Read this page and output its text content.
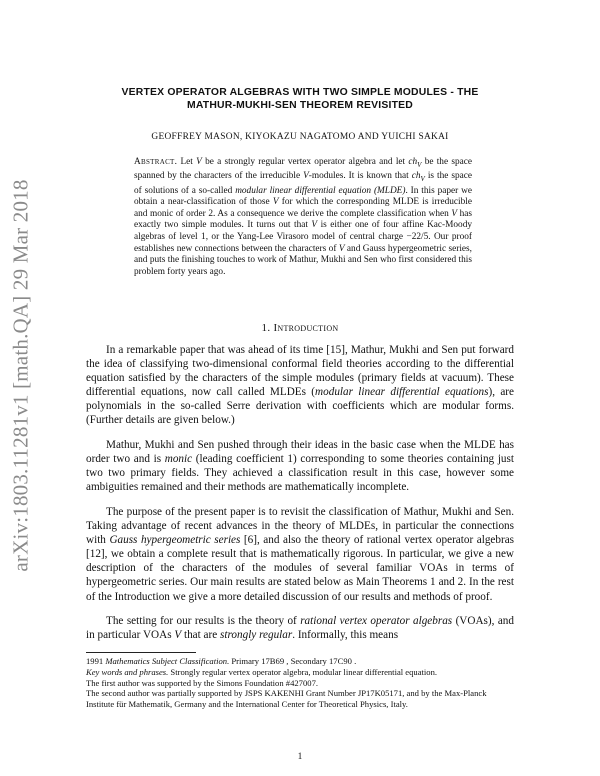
arXiv:1803.11281v1 [math.QA] 29 Mar 2018
VERTEX OPERATOR ALGEBRAS WITH TWO SIMPLE MODULES - THE
MATHUR-MUKHI-SEN THEOREM REVISITED
GEOFFREY MASON, KIYOKAZU NAGATOMO AND YUICHI SAKAI
Abstract. Let V be a strongly regular vertex operator algebra and let $ch_V$ be the space spanned by the characters of the irreducible V-modules. It is known that $ch_V$ is the space of solutions of a so-called modular linear differential equation (MLDE). In this paper we obtain a near-classification of those V for which the corresponding MLDE is irreducible and monic of order 2. As a consequence we derive the complete classification when V has exactly two simple modules. It turns out that V is either one of four affine Kac-Moody algebras of level 1, or the Yang-Lee Virasoro model of central charge −22/5. Our proof establishes new connections between the characters of V and Gauss hypergeometric series, and puts the finishing touches to work of Mathur, Mukhi and Sen who first considered this problem forty years ago.
1. Introduction

In a remarkable paper that was ahead of its time [15], Mathur, Mukhi and Sen put forward the idea of classifying two-dimensional conformal field theories according to the differential equation satisfied by the characters of the simple modules (primary fields at vacuum). These differential equations, now call called MLDEs (modular linear differential equations), are polynomials in the so-called Serre derivation with coefficients which are modular forms. (Further details are given below.)

Mathur, Mukhi and Sen pushed through their ideas in the basic case when the MLDE has order two and is monic (leading coefficient 1) corresponding to some theories containing just two two primary fields. They achieved a classification result in this case, however some ambiguities remained and their methods are mathematically incomplete.

The purpose of the present paper is to revisit the classification of Mathur, Mukhi and Sen. Taking advantage of recent advances in the theory of MLDEs, in particular the connections with Gauss hypergeometric series [6], and also the theory of rational vertex operator algebras [12], we obtain a complete result that is mathematically rigorous. In particular, we give a new description of the characters of the modules of several familiar VOAs in terms of hypergeometric series. Our main results are stated below as Main Theorems 1 and 2. In the rest of the Introduction we give a more detailed discussion of our results and methods of proof.

The setting for our results is the theory of rational vertex operator algebras (VOAs), and in particular VOAs V that are strongly regular. Informally, this means

1991 Mathematics Subject Classification. Primary 17B69 , Secondary 17C90 .
Key words and phrases. Strongly regular vertex operator algebra, modular linear differential equation.
The first author was supported by the Simons Foundation #427007.
The second author was partially supported by JSPS KAKENHI Grant Number JP17K05171, and by the Max-Planck Institute für Mathematik, Germany and the International Center for Theoretical Physics, Italy.
1
